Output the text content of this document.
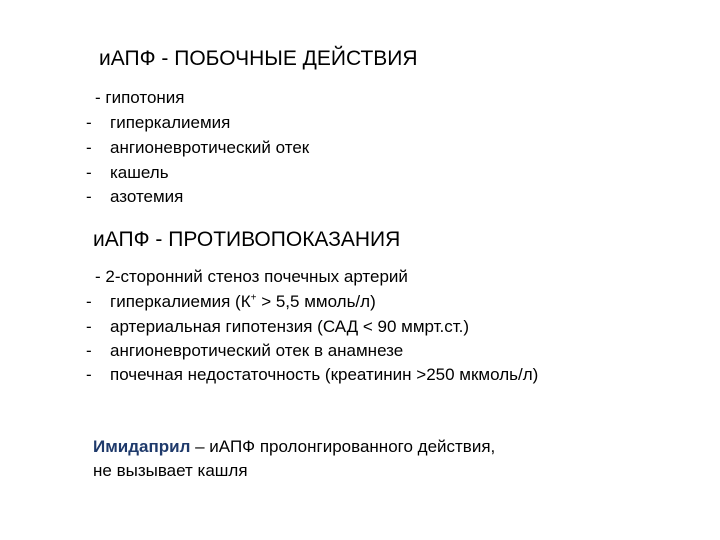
иАПФ - ПОБОЧНЫЕ ДЕЙСТВИЯ
- гипотония
- гиперкалиемия
- ангионевротический отек
- кашель
- азотемия
иАПФ - ПРОТИВОПОКАЗАНИЯ
- 2-сторонний стеноз почечных артерий
- гиперкалиемия (К+ > 5,5 ммоль/л)
- артериальная гипотензия (САД < 90 ммрт.ст.)
- ангионевротический отек в анамнезе
- почечная недостаточность (креатинин >250 мкмоль/л)
Имидаприл – иАПФ пролонгированного действия,
не вызывает кашля
